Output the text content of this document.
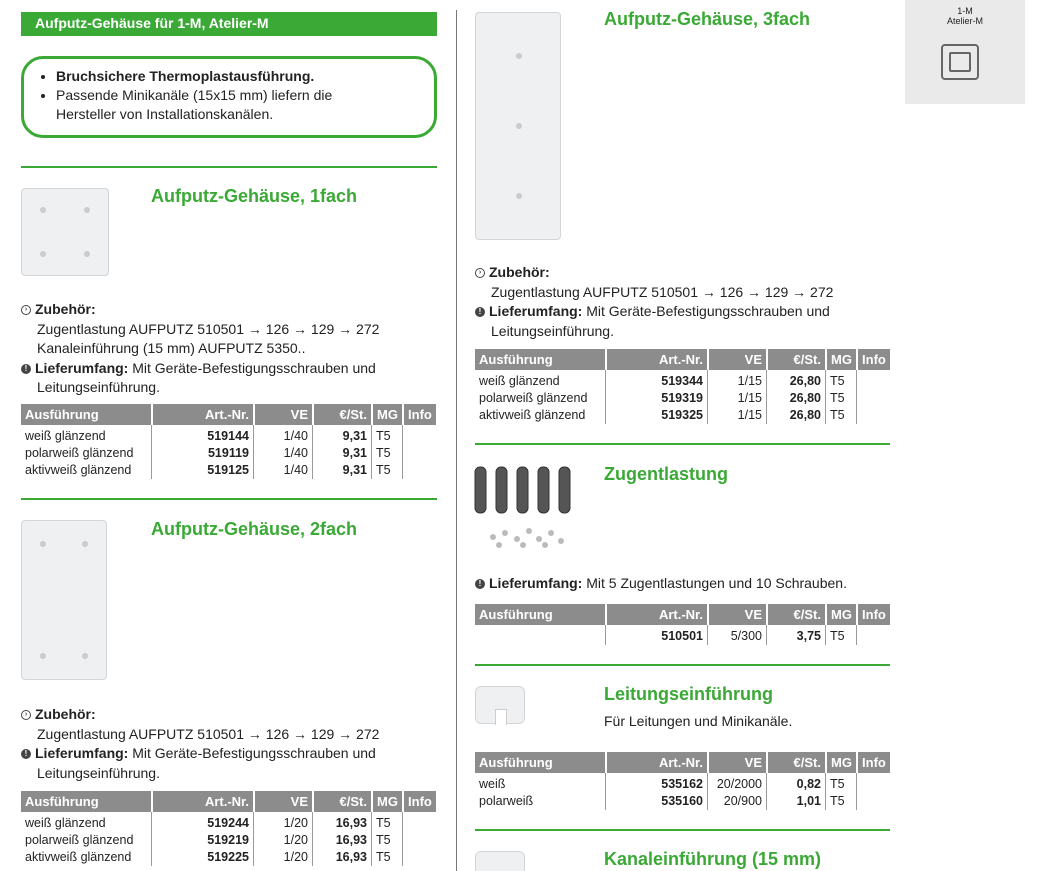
Aufputz-Gehäuse für 1-M, Atelier-M
• Bruchsichere Thermoplastausführung.
• Passende Minikanäle (15x15 mm) liefern die
Hersteller von Installationskanälen.
Aufputz-Gehäuse, 1fach
› Zubehör:
Zugentlastung AUFPUTZ 510501 → 126 → 129 → 272
Kanaleinführung (15 mm) AUFPUTZ 5350..
! Lieferumfang: Mit Geräte-Befestigungsschrauben und
Leitungseinführung.
Ausführung	Art.-Nr.	VE	€/St.	MG	Info
weiß glänzend	519144	1/40	9,31	T5	
polarweiß glänzend	519119	1/40	9,31	T5	
aktivweiß glänzend	519125	1/40	9,31	T5	
Aufputz-Gehäuse, 2fach
› Zubehör:
Zugentlastung AUFPUTZ 510501 → 126 → 129 → 272
! Lieferumfang: Mit Geräte-Befestigungsschrauben und
Leitungseinführung.
Ausführung	Art.-Nr.	VE	€/St.	MG	Info
weiß glänzend	519244	1/20	16,93	T5	
polarweiß glänzend	519219	1/20	16,93	T5	
aktivweiß glänzend	519225	1/20	16,93	T5	
Aufputz-Gehäuse, 3fach
› Zubehör:
Zugentlastung AUFPUTZ 510501 → 126 → 129 → 272
! Lieferumfang: Mit Geräte-Befestigungsschrauben und
Leitungseinführung.
Ausführung	Art.-Nr.	VE	€/St.	MG	Info
weiß glänzend	519344	1/15	26,80	T5	
polarweiß glänzend	519319	1/15	26,80	T5	
aktivweiß glänzend	519325	1/15	26,80	T5	
Zugentlastung
! Lieferumfang: Mit 5 Zugentlastungen und 10 Schrauben.
Ausführung	Art.-Nr.	VE	€/St.	MG	Info
	510501	5/300	3,75	T5	
Leitungseinführung
Für Leitungen und Minikanäle.
Ausführung	Art.-Nr.	VE	€/St.	MG	Info
weiß	535162	20/2000	0,82	T5	
polarweiß	535160	20/900	1,01	T5	
Kanaleinführung (15 mm)
1-M
Atelier-M
